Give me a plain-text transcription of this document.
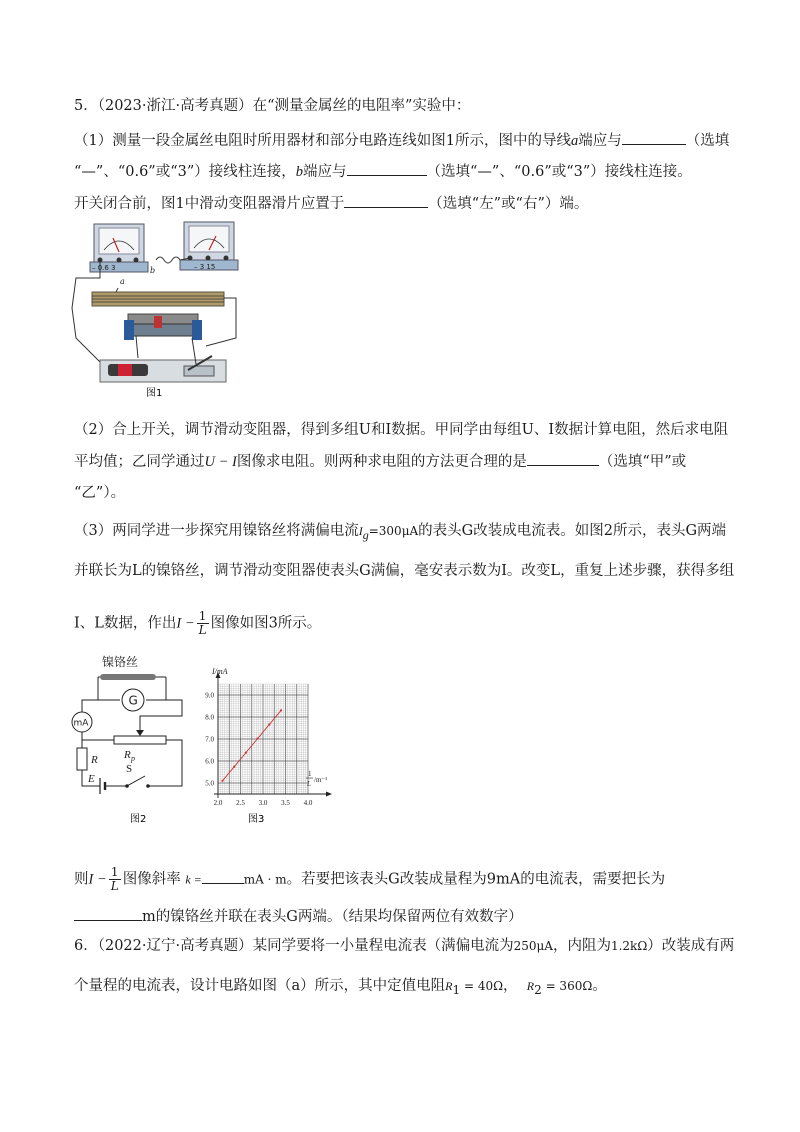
5．（2023·浙江·高考真题）在“测量金属丝的电阻率”实验中：
（1）测量一段金属丝电阻时所用器材和部分电路连线如图1所示，图中的导线a端应与	（选填
“—”、“0.6”或“3”）接线柱连接，b端应与	（选填“—”、“0.6”或“3”）接线柱连接。
开关闭合前，图1中滑动变阻器滑片应置于	（选填“左”或“右”）端。
– 0.6 3	– 3 15
b
a
图1
（2）合上开关，调节滑动变阻器，得到多组U和I数据。甲同学由每组U、I数据计算电阻，然后求电阻
平均值；乙同学通过U − I图像求电阻。则两种求电阻的方法更合理的是	（选填“甲”或
“乙”）。
（3）两同学进一步探究用镍铬丝将满偏电流$I_g=300\mu A$的表头G改装成电流表。如图2所示，表头G两端
并联长为L的镍铬丝，调节滑动变阻器使表头G满偏，毫安表示数为I。改变L，重复上述步骤，获得多组
I、L数据，作出$I - \frac{1}{L}$ 图像如图3所示。
镍铬丝
G
mA
R p
R
E
S
图2
9.0
8.0
7.0
6.0
5.0
2.0 2.5 3.0 3.5 4.0
I/mA
1
L /m⁻¹
图3
则$I - \frac{1}{L}$ 图像斜率 k =	mA · m。若要把该表头G改装成量程为9mA的电流表，需要把长为
m的镍铬丝并联在表头G两端。（结果均保留两位有效数字）
6．（2022·辽宁·高考真题）某同学要将一小量程电流表（满偏电流为250μA，内阻为1.2kΩ）改装成有两
个量程的电流表，设计电路如图（a）所示，其中定值电阻$R_1 = 40\Omega$， $R_2 = 360\Omega$。
